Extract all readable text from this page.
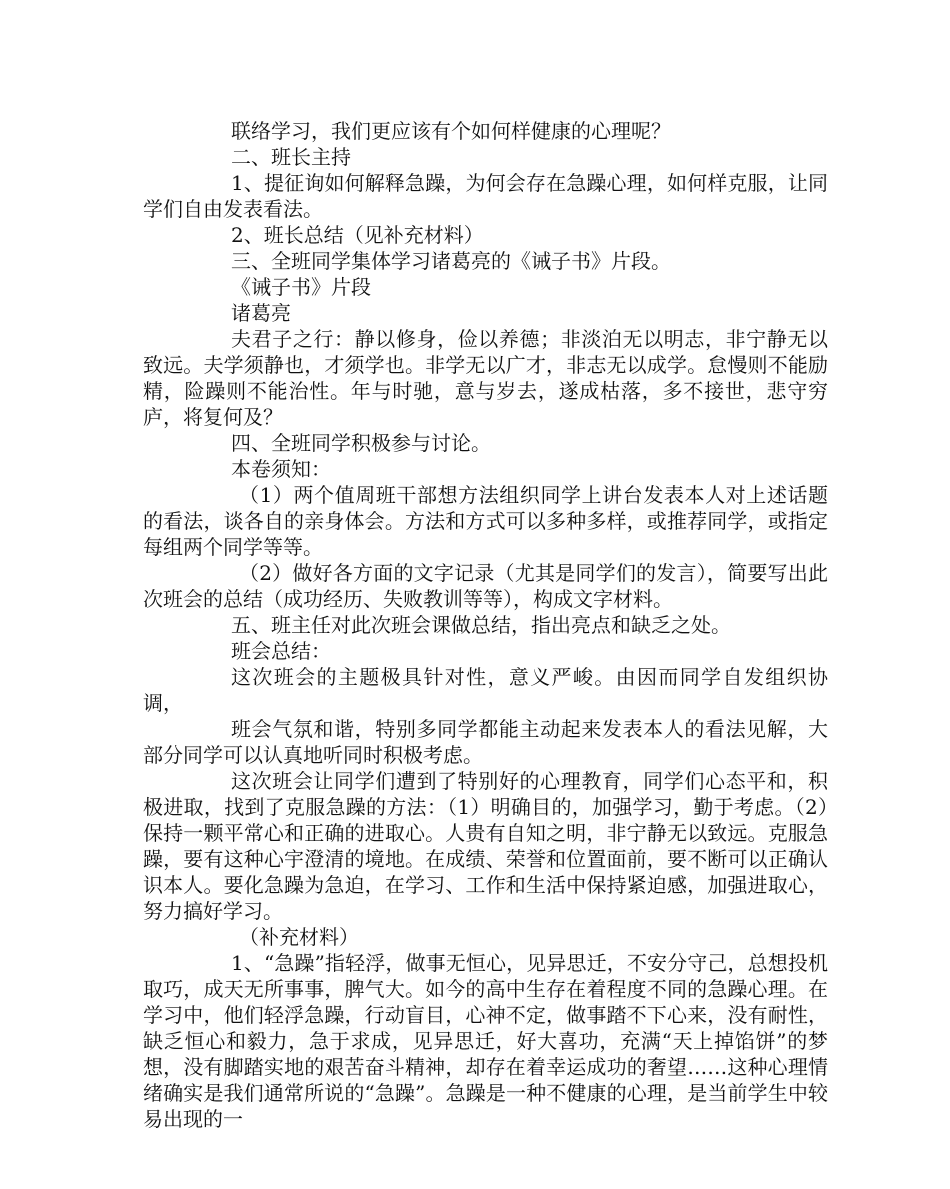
联络学习，我们更应该有个如何样健康的心理呢？

二、班长主持

1、提征询如何解释急躁，为何会存在急躁心理，如何样克服，让同学们自由发表看法。

2、班长总结（见补充材料）

三、全班同学集体学习诸葛亮的《诫子书》片段。

《诫子书》片段

诸葛亮

夫君子之行：静以修身，俭以养德；非淡泊无以明志，非宁静无以致远。夫学须静也，才须学也。非学无以广才，非志无以成学。怠慢则不能励精，险躁则不能治性。年与时驰，意与岁去，遂成枯落，多不接世，悲守穷庐，将复何及？

四、全班同学积极参与讨论。

本卷须知：

（1）两个值周班干部想方法组织同学上讲台发表本人对上述话题的看法，谈各自的亲身体会。方法和方式可以多种多样，或推荐同学，或指定每组两个同学等等。

（2）做好各方面的文字记录（尤其是同学们的发言），简要写出此次班会的总结（成功经历、失败教训等等），构成文字材料。

五、班主任对此次班会课做总结，指出亮点和缺乏之处。

班会总结：

这次班会的主题极具针对性，意义严峻。由因而同学自发组织协调，

班会气氛和谐，特别多同学都能主动起来发表本人的看法见解，大部分同学可以认真地听同时积极考虑。

这次班会让同学们遭到了特别好的心理教育，同学们心态平和，积极进取，找到了克服急躁的方法：（1）明确目的，加强学习，勤于考虑。（2）保持一颗平常心和正确的进取心。人贵有自知之明，非宁静无以致远。克服急躁，要有这种心宇澄清的境地。在成绩、荣誉和位置面前，要不断可以正确认识本人。要化急躁为急迫，在学习、工作和生活中保持紧迫感，加强进取心，努力搞好学习。

（补充材料）

1、“急躁”指轻浮，做事无恒心，见异思迁，不安分守己，总想投机取巧，成天无所事事，脾气大。如今的高中生存在着程度不同的急躁心理。在学习中，他们轻浮急躁，行动盲目，心神不定，做事踏不下心来，没有耐性，缺乏恒心和毅力，急于求成，见异思迁，好大喜功，充满“天上掉馅饼”的梦想，没有脚踏实地的艰苦奋斗精神，却存在着幸运成功的奢望……这种心理情绪确实是我们通常所说的“急躁”。急躁是一种不健康的心理，是当前学生中较易出现的一
